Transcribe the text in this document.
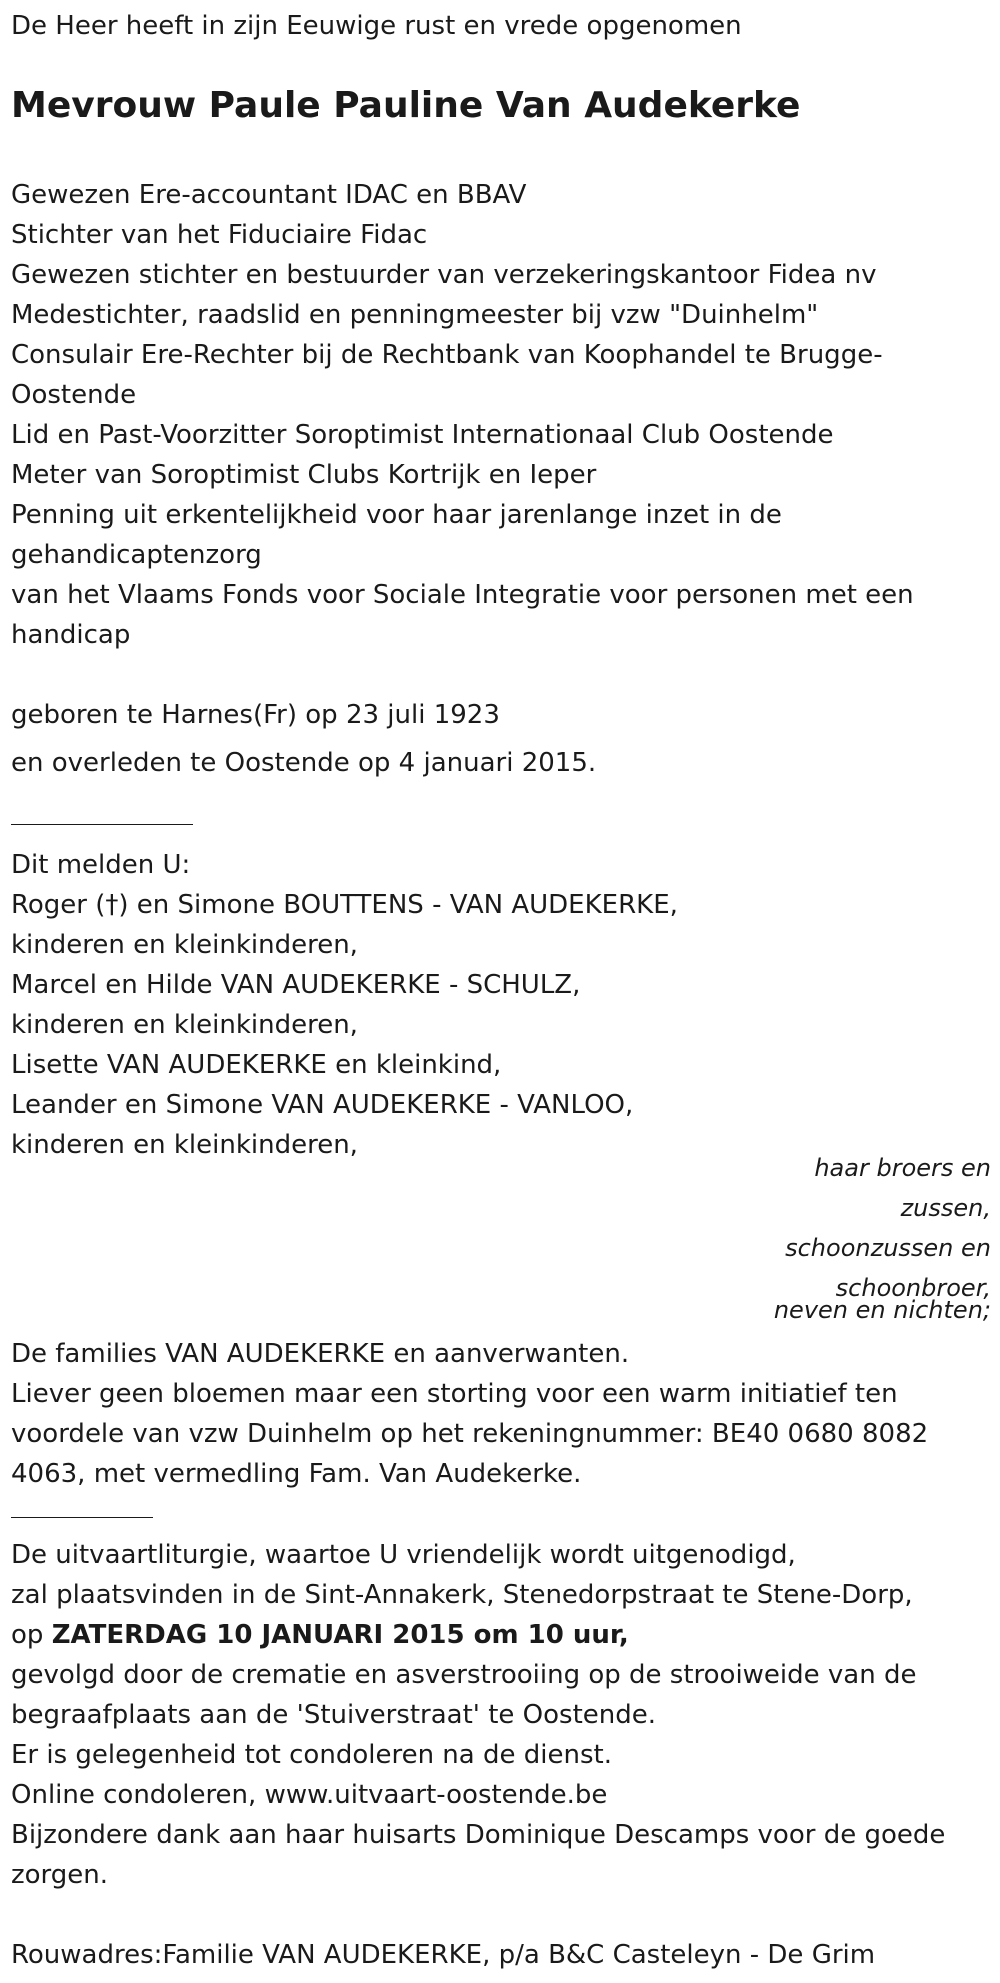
De Heer heeft in zijn Eeuwige rust en vrede opgenomen
Mevrouw Paule Pauline Van Audekerke
Gewezen Ere-accountant IDAC en BBAV
Stichter van het Fiduciaire Fidac
Gewezen stichter en bestuurder van verzekeringskantoor Fidea nv
Medestichter, raadslid en penningmeester bij vzw "Duinhelm"
Consulair Ere-Rechter bij de Rechtbank van Koophandel te Brugge-
Oostende
Lid en Past-Voorzitter Soroptimist Internationaal Club Oostende
Meter van Soroptimist Clubs Kortrijk en Ieper
Penning uit erkentelijkheid voor haar jarenlange inzet in de
gehandicaptenzorg
van het Vlaams Fonds voor Sociale Integratie voor personen met een
handicap
geboren te Harnes(Fr) op 23 juli 1923
en overleden te Oostende op 4 januari 2015.
Dit melden U:
Roger (†) en Simone BOUTTENS - VAN AUDEKERKE,
kinderen en kleinkinderen,
Marcel en Hilde VAN AUDEKERKE - SCHULZ,
kinderen en kleinkinderen,
Lisette VAN AUDEKERKE en kleinkind,
Leander en Simone VAN AUDEKERKE - VANLOO,
kinderen en kleinkinderen,
haar broers en
zussen,
schoonzussen en
schoonbroer,
neven en nichten;
De families VAN AUDEKERKE en aanverwanten.
Liever geen bloemen maar een storting voor een warm initiatief ten
voordele van vzw Duinhelm op het rekeningnummer: BE40 0680 8082
4063, met vermedling Fam. Van Audekerke.
De uitvaartliturgie, waartoe U vriendelijk wordt uitgenodigd,
zal plaatsvinden in de Sint-Annakerk, Stenedorpstraat te Stene-Dorp,
op ZATERDAG 10 JANUARI 2015 om 10 uur,
gevolgd door de crematie en asverstrooiing op de strooiweide van de
begraafplaats aan de 'Stuiverstraat' te Oostende.
Er is gelegenheid tot condoleren na de dienst.
Online condoleren, www.uitvaart-oostende.be
Bijzondere dank aan haar huisarts Dominique Descamps voor de goede
zorgen.
Rouwadres:Familie VAN AUDEKERKE, p/a B&C Casteleyn - De Grim
